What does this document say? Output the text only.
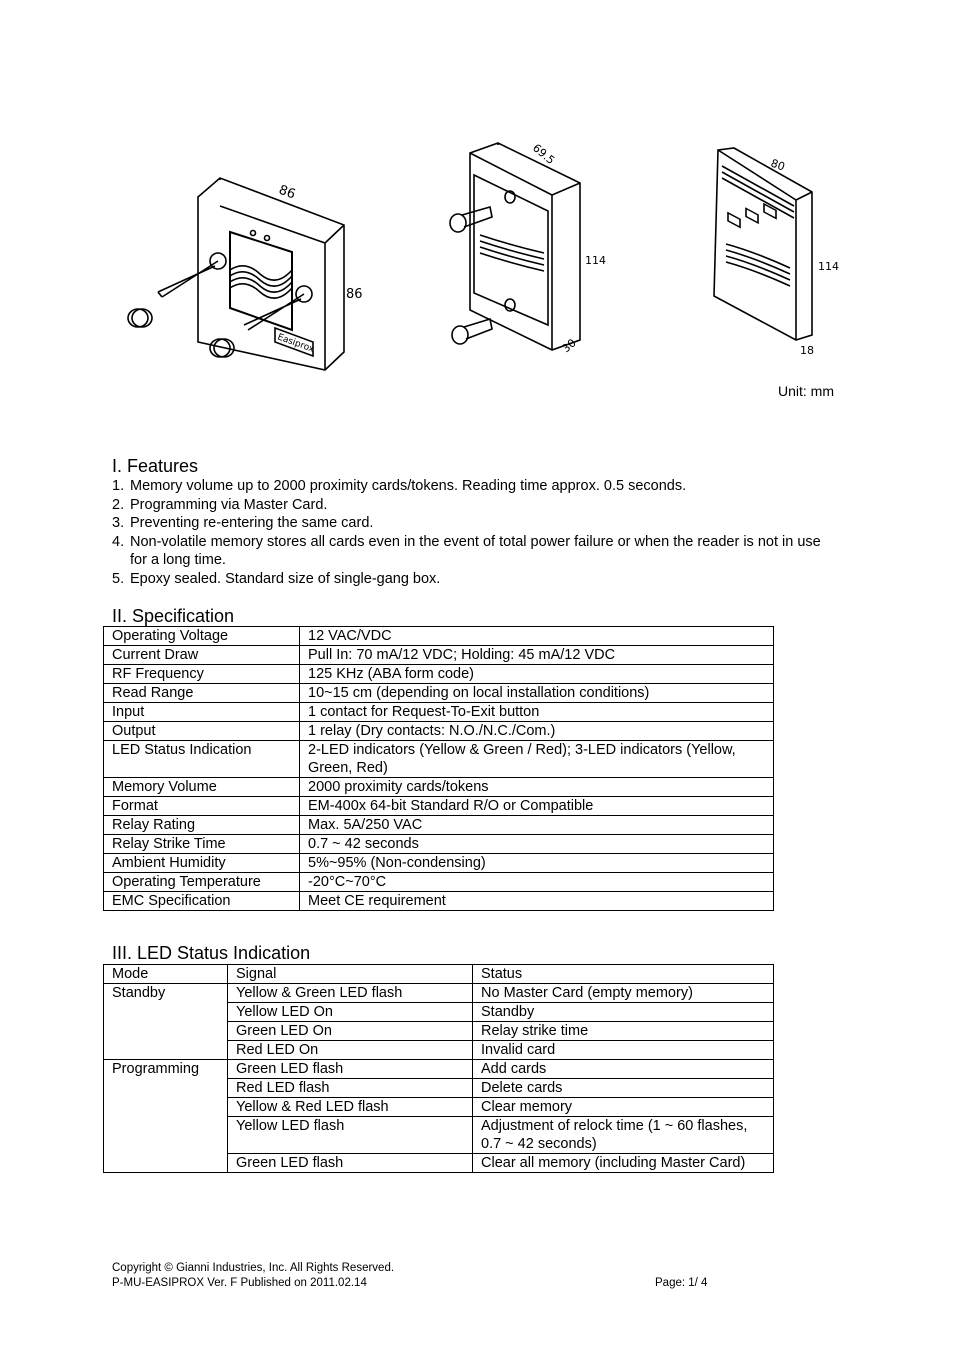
86
86
Easiprox
69.5
114
30
80
114
18
Unit: mm
I. Features
1. Memory volume up to 2000 proximity cards/tokens. Reading time approx. 0.5 seconds.
2. Programming via Master Card.
3. Preventing re-entering the same card.
4. Non-volatile memory stores all cards even in the event of total power failure or when the reader is not in use for a long time.
5. Epoxy sealed. Standard size of single-gang box.
II. Specification
Operating Voltage	12 VAC/VDC
Current Draw	Pull In: 70 mA/12 VDC; Holding: 45 mA/12 VDC
RF Frequency	125 KHz (ABA form code)
Read Range	10~15 cm (depending on local installation conditions)
Input	1 contact for Request-To-Exit button
Output	1 relay (Dry contacts: N.O./N.C./Com.)
LED Status Indication	2-LED indicators (Yellow & Green / Red); 3-LED indicators (Yellow, Green, Red)
Memory Volume	2000 proximity cards/tokens
Format	EM-400x 64-bit Standard R/O or Compatible
Relay Rating	Max. 5A/250 VAC
Relay Strike Time	0.7 ~ 42 seconds
Ambient Humidity	5%~95% (Non-condensing)
Operating Temperature	-20°C~70°C
EMC Specification	Meet CE requirement
III. LED Status Indication
Mode	Signal	Status
Standby	Yellow & Green LED flash	No Master Card (empty memory)
	Yellow LED On	Standby
	Green LED On	Relay strike time
	Red LED On	Invalid card
Programming	Green LED flash	Add cards
	Red LED flash	Delete cards
	Yellow & Red LED flash	Clear memory
	Yellow LED flash	Adjustment of relock time (1 ~ 60 flashes, 0.7 ~ 42 seconds)
	Green LED flash	Clear all memory (including Master Card)
Copyright © Gianni Industries, Inc. All Rights Reserved.
P-MU-EASIPROX Ver. F Published on 2011.02.14	Page: 1/ 4
